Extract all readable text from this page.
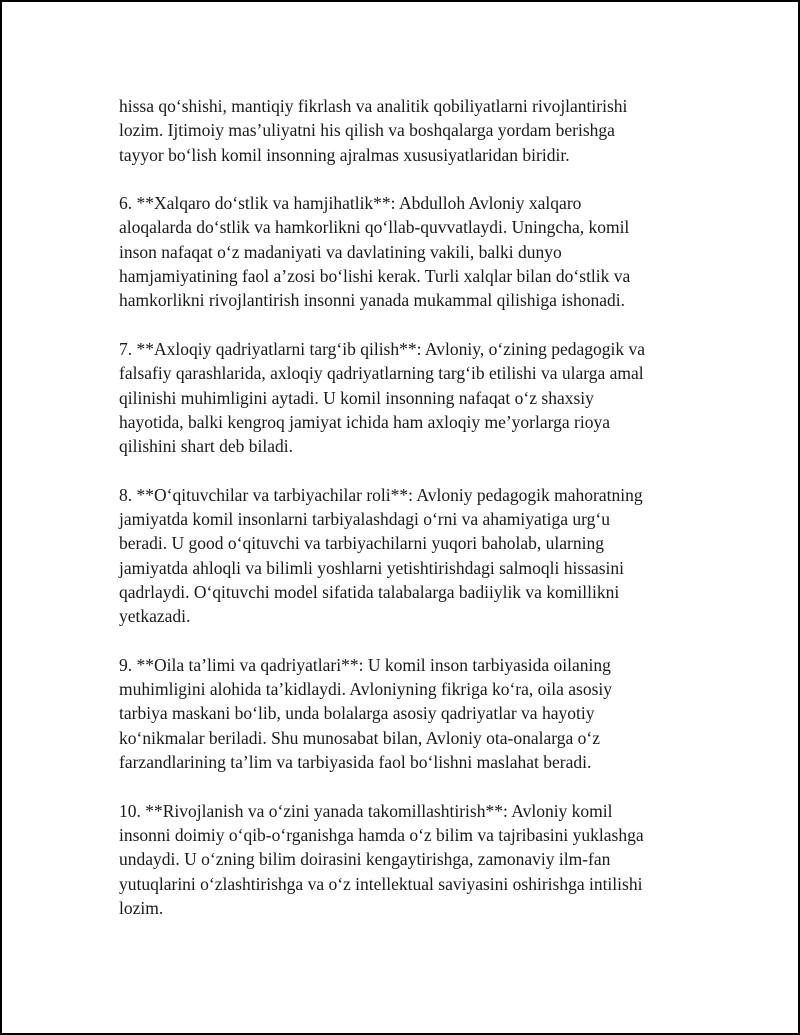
hissa qo‘shishi, mantiqiy fikrlash va analitik qobiliyatlarni rivojlantirishi
lozim. Ijtimoiy mas’uliyatni his qilish va boshqalarga yordam berishga
tayyor bo‘lish komil insonning ajralmas xususiyatlaridan biridir.

6. **Xalqaro do‘stlik va hamjihatlik**: Abdulloh Avloniy xalqaro
aloqalarda do‘stlik va hamkorlikni qo‘llab-quvvatlaydi. Uningcha, komil
inson nafaqat o‘z madaniyati va davlatining vakili, balki dunyo
hamjamiyatining faol a’zosi bo‘lishi kerak. Turli xalqlar bilan do‘stlik va
hamkorlikni rivojlantirish insonni yanada mukammal qilishiga ishonadi.

7. **Axloqiy qadriyatlarni targ‘ib qilish**: Avloniy, o‘zining pedagogik va
falsafiy qarashlarida, axloqiy qadriyatlarning targ‘ib etilishi va ularga amal
qilinishi muhimligini aytadi. U komil insonning nafaqat o‘z shaxsiy
hayotida, balki kengroq jamiyat ichida ham axloqiy me’yorlarga rioya
qilishini shart deb biladi.

8. **O‘qituvchilar va tarbiyachilar roli**: Avloniy pedagogik mahoratning
jamiyatda komil insonlarni tarbiyalashdagi o‘rni va ahamiyatiga urg‘u
beradi. U good o‘qituvchi va tarbiyachilarni yuqori baholab, ularning
jamiyatda ahloqli va bilimli yoshlarni yetishtirishdagi salmoqli hissasini
qadrlaydi. O‘qituvchi model sifatida talabalarga badiiylik va komillikni
yetkazadi.

9. **Oila ta’limi va qadriyatlari**: U komil inson tarbiyasida oilaning
muhimligini alohida ta’kidlaydi. Avloniyning fikriga ko‘ra, oila asosiy
tarbiya maskani bo‘lib, unda bolalarga asosiy qadriyatlar va hayotiy
ko‘nikmalar beriladi. Shu munosabat bilan, Avloniy ota-onalarga o‘z
farzandlarining ta’lim va tarbiyasida faol bo‘lishni maslahat beradi.

10. **Rivojlanish va o‘zini yanada takomillashtirish**: Avloniy komil
insonni doimiy o‘qib-o‘rganishga hamda o‘z bilim va tajribasini yuklashga
undaydi. U o‘zning bilim doirasini kengaytirishga, zamonaviy ilm-fan
yutuqlarini o‘zlashtirishga va o‘z intellektual saviyasini oshirishga intilishi
lozim.
